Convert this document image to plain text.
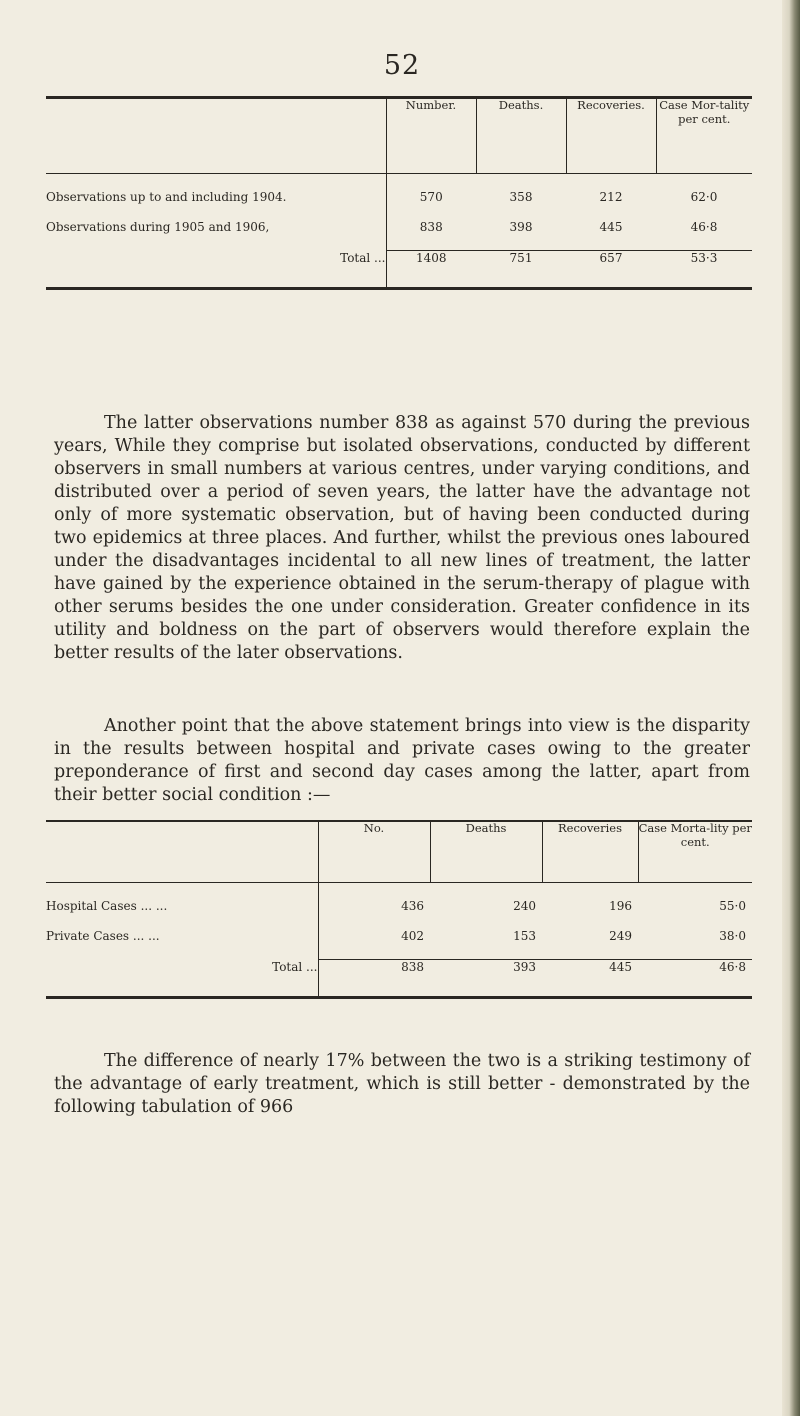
52
	Number.	Deaths.	Recoveries.	Case Mor-tality per cent.
Observations up to and including 1904.	570	358	212	62·0
Observations during 1905 and 1906,	838	398	445	46·8
Total ...	1408	751	657	53·3

The latter observations number 838 as against 570 during the previous years, While they comprise but isolated observations, conducted by different observers in small numbers at various centres, under varying conditions, and distributed over a period of seven years, the latter have the advantage not only of more systematic observation, but of having been conducted during two epidemics at three places. And further, whilst the previous ones laboured under the disadvantages incidental to all new lines of treatment, the latter have gained by the experience obtained in the serum-therapy of plague with other serums besides the one under consideration. Greater confidence in its utility and boldness on the part of observers would therefore explain the better results of the later observations.

Another point that the above statement brings into view is the disparity in the results between hospital and private cases owing to the greater preponderance of first and second day cases among the latter, apart from their better social condition :—

	No.	Deaths	Recoveries	Case Morta-lity per cent.
Hospital Cases ... ...	436	240	196	55·0
Private Cases ... ...	402	153	249	38·0
Total ...	838	393	445	46·8

The difference of nearly 17% between the two is a striking testimony of the advantage of early treatment, which is still better - demonstrated by the following tabulation of 966
